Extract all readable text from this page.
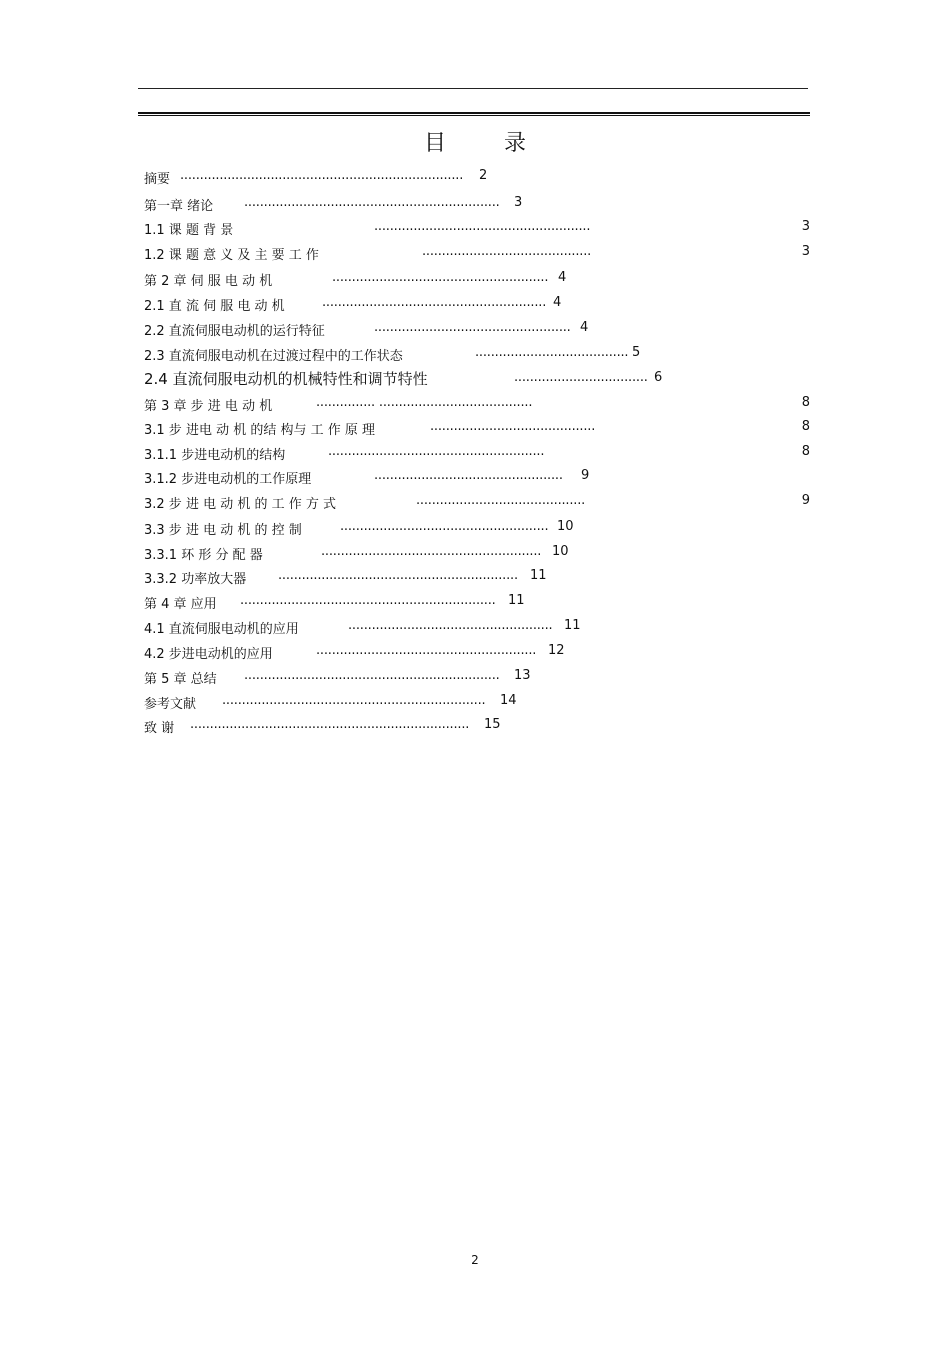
目	录
摘要 ........................................................................ 2
第一章 绪论 ................................................................. 3
1.1 课 题 背 景	.......................................................	3
1.2 课 题 意 义 及 主 要 工 作	...........................................	3
第 2 章 伺 服 电 动 机	....................................................... 4
2.1 直 流 伺 服 电 动 机	......................................................... 4
2.2 直流伺服电动机的运行特征	.................................................. 4
2.3 直流伺服电动机在过渡过程中的工作状态	....................................... 5
2.4 直流伺服电动机的机械特性和调节特性	.................................. 6
第 3 章 步 进 电 动 机	............... .......................................	8
3.1 步 进电 动 机 的结 构与 工 作 原 理	..........................................	8
3.1.1 步进电动机的结构	.......................................................	8
3.1.2 步进电动机的工作原理	................................................ 9
3.2 步 进 电 动 机 的 工 作 方 式	...........................................	9
3.3 步 进 电 动 机 的 控 制	..................................................... 10
3.3.1 环 形 分 配 器	........................................................ 10
3.3.2 功率放大器 ............................................................. 11
第 4 章 应用 ................................................................. 11
4.1 直流伺服电动机的应用	.................................................... 11
4.2 步进电动机的应用	........................................................ 12
第 5 章 总结 ................................................................. 13
参考文献 ................................................................... 14
致 谢 ....................................................................... 15
2
